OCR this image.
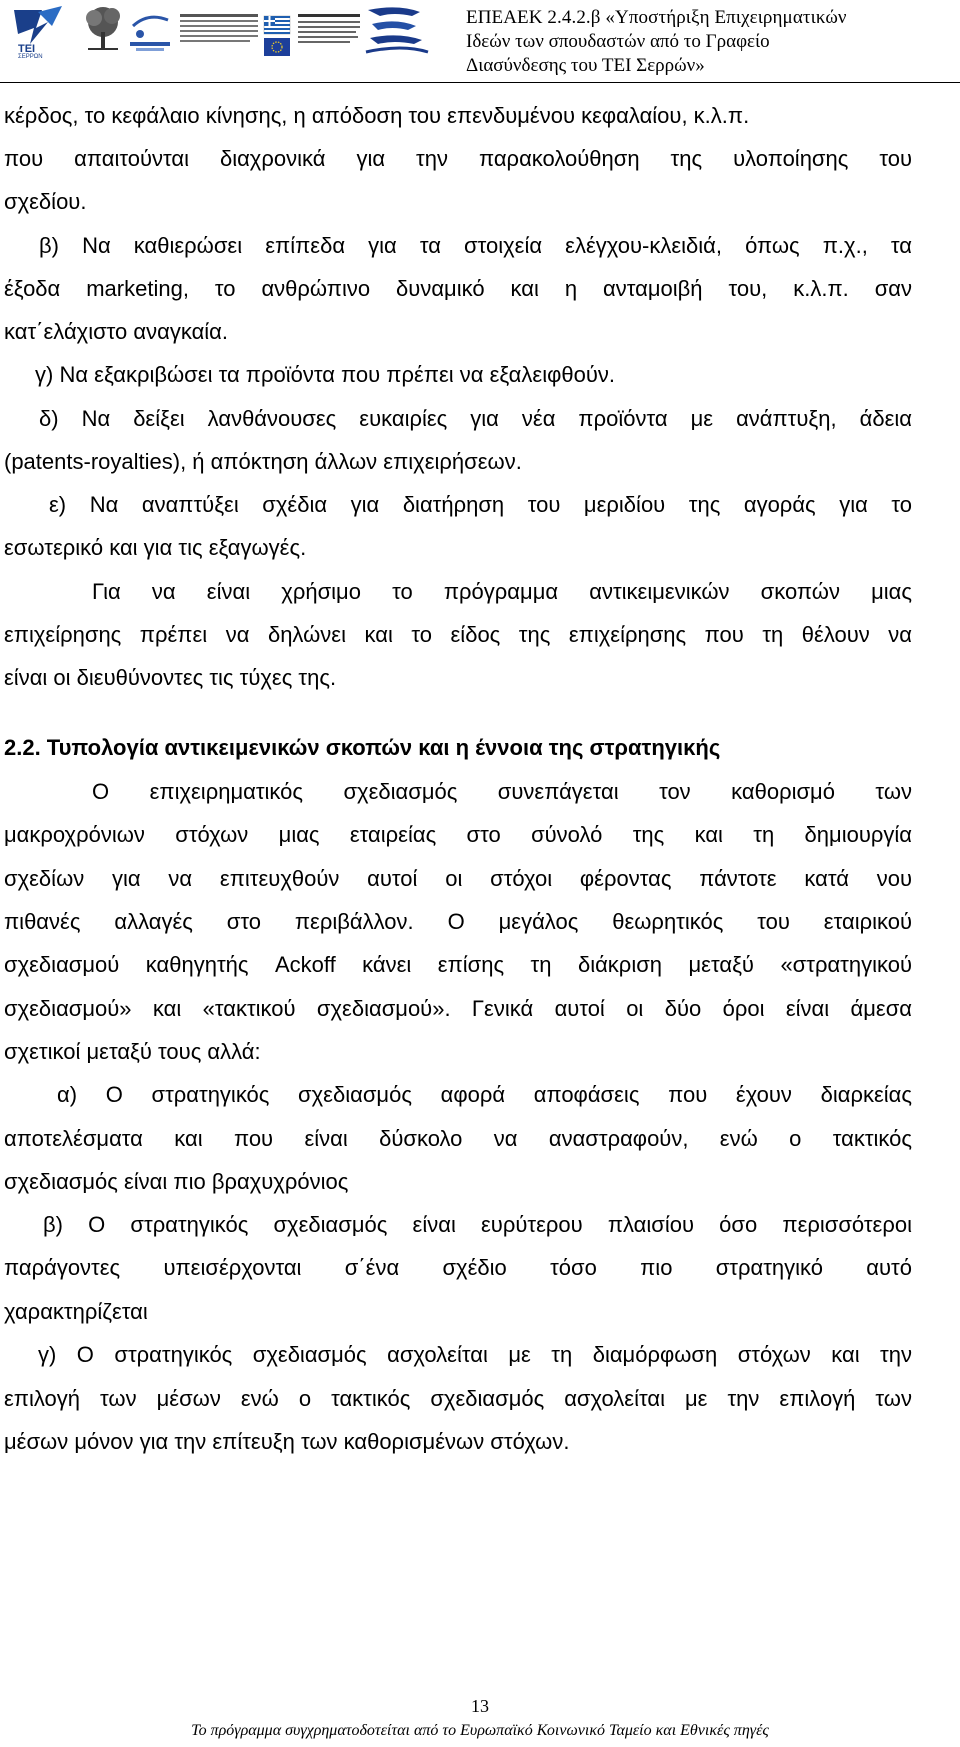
ΤΕΙ
ΣΕΡΡΩΝ
ΕΠΕΑΕΚ 2.4.2.β «Υποστήριξη Επιχειρηματικών
Ιδεών των σπουδαστών από το Γραφείο
Διασύνδεσης του ΤΕΙ Σερρών»
κέρδος, το κεφάλαιο κίνησης, η απόδοση του επενδυμένου κεφαλαίου, κ.λ.π.
που απαιτούνται διαχρονικά για την παρακολούθηση της υλοποίησης του
σχεδίου.
β) Να καθιερώσει επίπεδα για τα στοιχεία ελέγχου-κλειδιά, όπως π.χ., τα
έξοδα marketing, το ανθρώπινο δυναμικό και η ανταμοιβή του, κ.λ.π. σαν
κατ΄ελάχιστο αναγκαία.
γ) Να εξακριβώσει τα προϊόντα που πρέπει να εξαλειφθούν.
δ) Να δείξει λανθάνουσες ευκαιρίες για νέα προϊόντα με ανάπτυξη, άδεια
(patents-royalties), ή απόκτηση άλλων επιχειρήσεων.
ε) Να αναπτύξει σχέδια για διατήρηση του μεριδίου της αγοράς για το
εσωτερικό και για τις εξαγωγές.
Για να είναι χρήσιμο το πρόγραμμα αντικειμενικών σκοπών μιας
επιχείρησης πρέπει να δηλώνει και το είδος της επιχείρησης που τη θέλουν να
είναι οι διευθύνοντες τις τύχες της.
2.2. Τυπολογία αντικειμενικών σκοπών και η έννοια της στρατηγικής
Ο επιχειρηματικός σχεδιασμός συνεπάγεται τον καθορισμό των
μακροχρόνιων στόχων μιας εταιρείας στο σύνολό της και τη δημιουργία
σχεδίων για να επιτευχθούν αυτοί οι στόχοι φέροντας πάντοτε κατά νου
πιθανές αλλαγές στο περιβάλλον. Ο μεγάλος θεωρητικός του εταιρικού
σχεδιασμού καθηγητής Ackoff κάνει επίσης τη διάκριση μεταξύ «στρατηγικού
σχεδιασμού» και «τακτικού σχεδιασμού». Γενικά αυτοί οι δύο όροι είναι άμεσα
σχετικοί μεταξύ τους αλλά:
α) Ο στρατηγικός σχεδιασμός αφορά αποφάσεις που έχουν διαρκείας
αποτελέσματα και που είναι δύσκολο να αναστραφούν, ενώ ο τακτικός
σχεδιασμός είναι πιο βραχυχρόνιος
β) Ο στρατηγικός σχεδιασμός είναι ευρύτερου πλαισίου όσο περισσότεροι
παράγοντες υπεισέρχονται σ΄ένα σχέδιο τόσο πιο στρατηγικό αυτό
χαρακτηρίζεται
γ) Ο στρατηγικός σχεδιασμός ασχολείται με τη διαμόρφωση στόχων και την
επιλογή των μέσων ενώ ο τακτικός σχεδιασμός ασχολείται με την επιλογή των
μέσων μόνον για την επίτευξη των καθορισμένων στόχων.
13
Το πρόγραμμα συγχρηματοδοτείται από το Ευρωπαϊκό Κοινωνικό Ταμείο και Εθνικές πηγές
